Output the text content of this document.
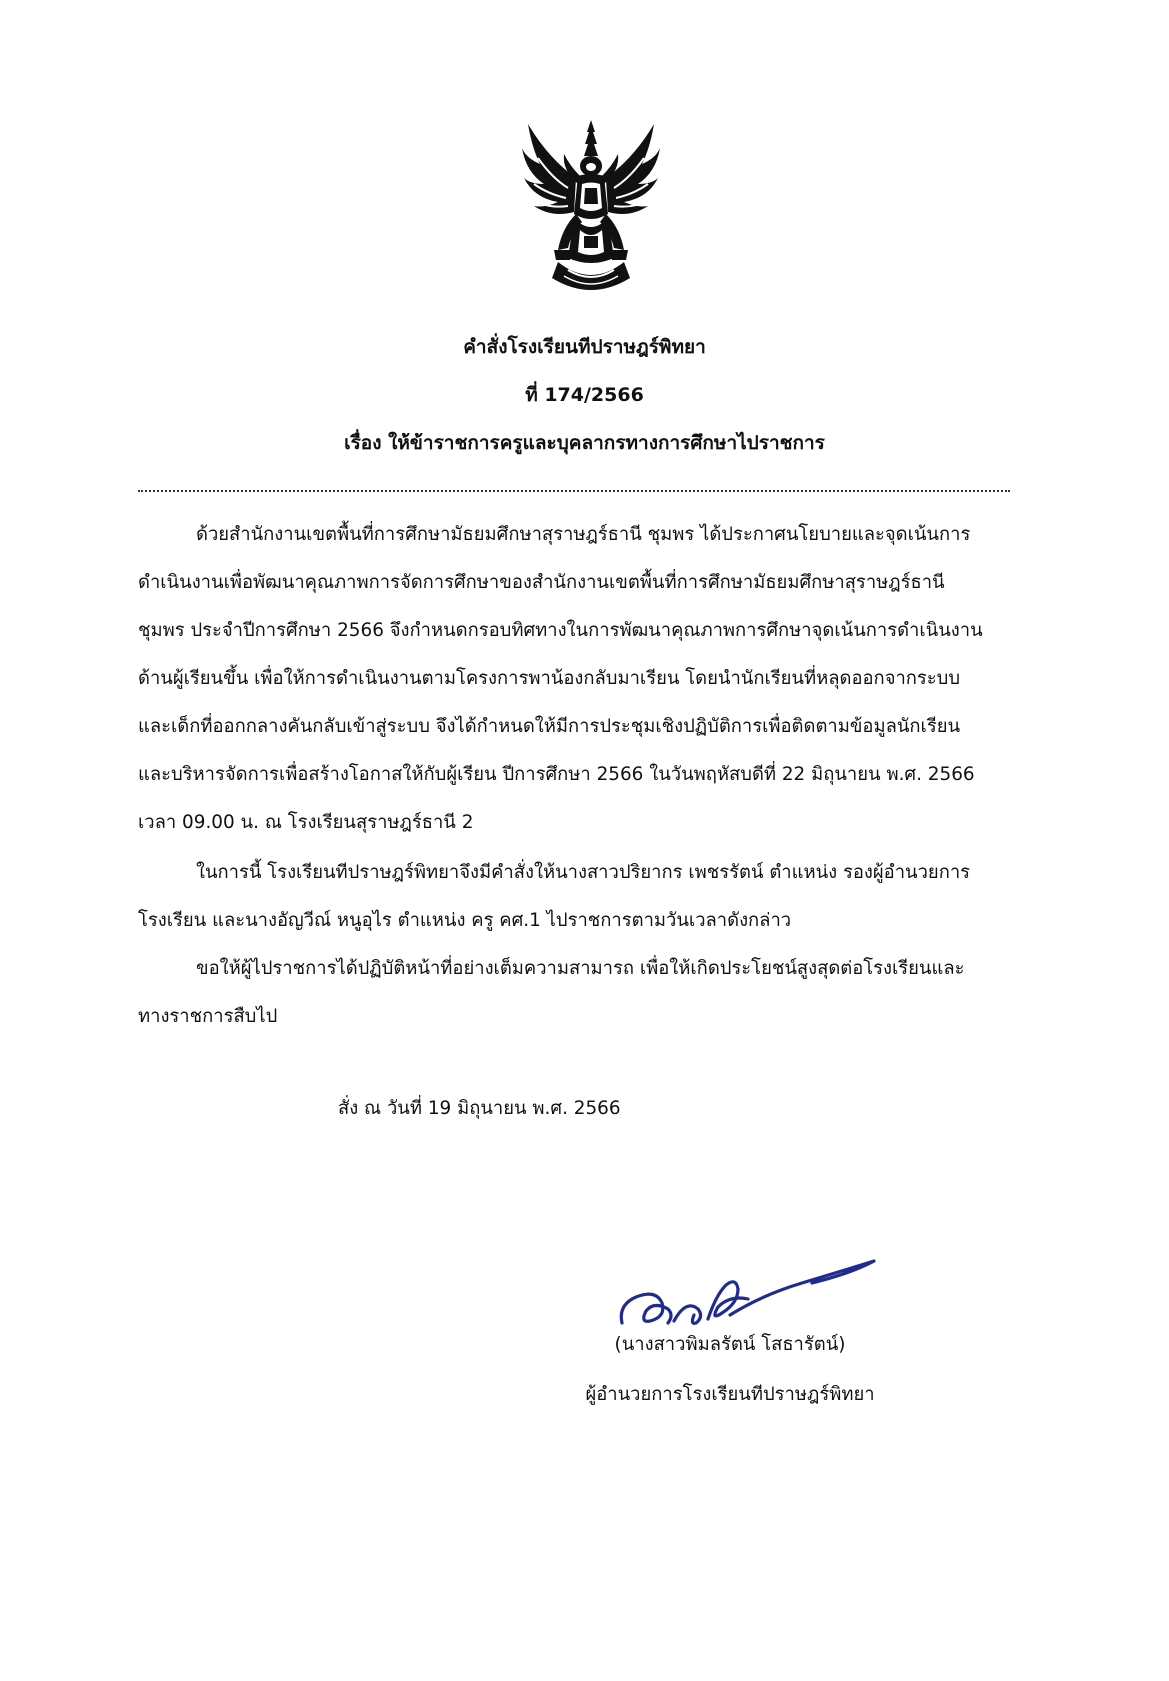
คำสั่งโรงเรียนทีปราษฎร์พิทยา
ที่ 174/2566
เรื่อง ให้ข้าราชการครูและบุคลากรทางการศึกษาไปราชการ
ด้วยสำนักงานเขตพื้นที่การศึกษามัธยมศึกษาสุราษฎร์ธานี ชุมพร ได้ประกาศนโยบายและจุดเน้นการ
ดำเนินงานเพื่อพัฒนาคุณภาพการจัดการศึกษาของสำนักงานเขตพื้นที่การศึกษามัธยมศึกษาสุราษฎร์ธานี
ชุมพร ประจำปีการศึกษา 2566 จึงกำหนดกรอบทิศทางในการพัฒนาคุณภาพการศึกษาจุดเน้นการดำเนินงาน
ด้านผู้เรียนขึ้น เพื่อให้การดำเนินงานตามโครงการพาน้องกลับมาเรียน โดยนำนักเรียนที่หลุดออกจากระบบ
และเด็กที่ออกกลางคันกลับเข้าสู่ระบบ จึงได้กำหนดให้มีการประชุมเชิงปฏิบัติการเพื่อติดตามข้อมูลนักเรียน
และบริหารจัดการเพื่อสร้างโอกาสให้กับผู้เรียน ปีการศึกษา 2566 ในวันพฤหัสบดีที่ 22 มิถุนายน พ.ศ. 2566
เวลา 09.00 น. ณ โรงเรียนสุราษฎร์ธานี 2
ในการนี้ โรงเรียนทีปราษฎร์พิทยาจึงมีคำสั่งให้นางสาวปริยากร เพชรรัตน์ ตำแหน่ง รองผู้อำนวยการ
โรงเรียน และนางอัญวีณ์ หนูอุไร ตำแหน่ง ครู คศ.1 ไปราชการตามวันเวลาดังกล่าว
ขอให้ผู้ไปราชการได้ปฏิบัติหน้าที่อย่างเต็มความสามารถ เพื่อให้เกิดประโยชน์สูงสุดต่อโรงเรียนและ
ทางราชการสืบไป
สั่ง ณ วันที่ 19 มิถุนายน พ.ศ. 2566
(นางสาวพิมลรัตน์ โสธารัตน์)
ผู้อำนวยการโรงเรียนทีปราษฎร์พิทยา
